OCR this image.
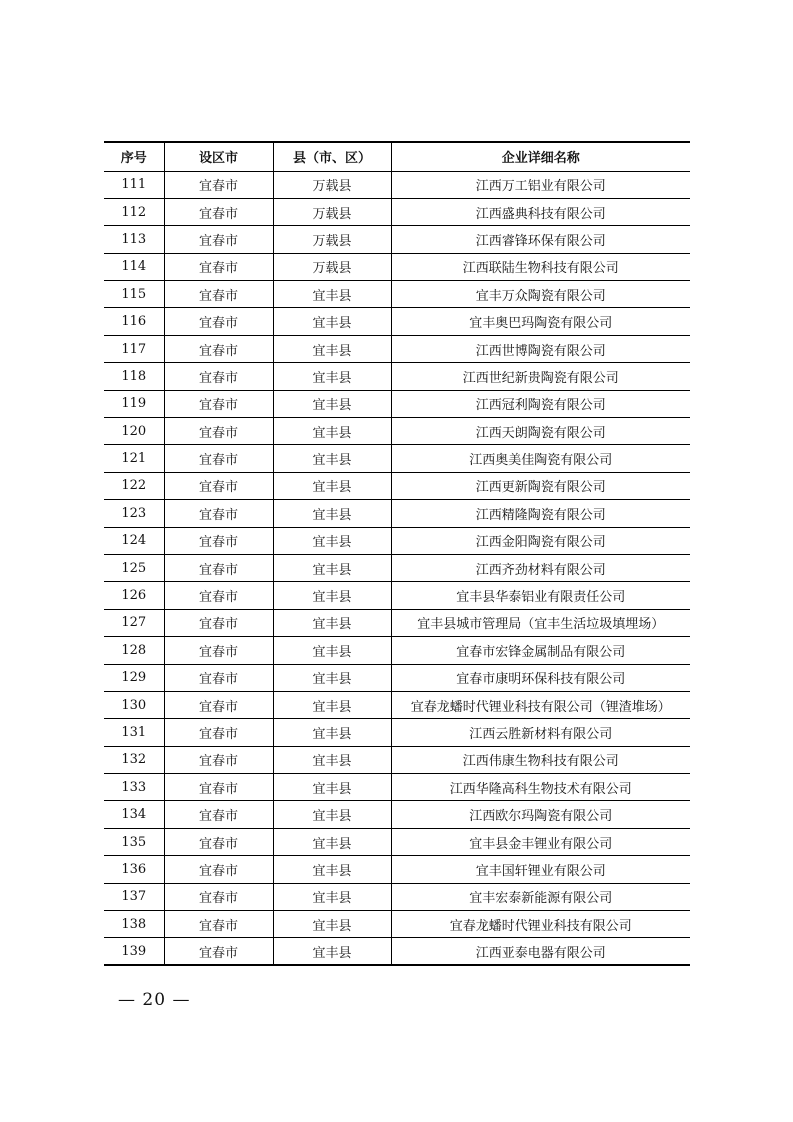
序号	设区市	县（市、区）	企业详细名称
111	宜春市	万载县	江西万工铝业有限公司
112	宜春市	万载县	江西盛典科技有限公司
113	宜春市	万载县	江西睿锋环保有限公司
114	宜春市	万载县	江西联陆生物科技有限公司
115	宜春市	宜丰县	宜丰万众陶瓷有限公司
116	宜春市	宜丰县	宜丰奥巴玛陶瓷有限公司
117	宜春市	宜丰县	江西世博陶瓷有限公司
118	宜春市	宜丰县	江西世纪新贵陶瓷有限公司
119	宜春市	宜丰县	江西冠利陶瓷有限公司
120	宜春市	宜丰县	江西天朗陶瓷有限公司
121	宜春市	宜丰县	江西奥美佳陶瓷有限公司
122	宜春市	宜丰县	江西更新陶瓷有限公司
123	宜春市	宜丰县	江西精隆陶瓷有限公司
124	宜春市	宜丰县	江西金阳陶瓷有限公司
125	宜春市	宜丰县	江西齐劲材料有限公司
126	宜春市	宜丰县	宜丰县华泰铝业有限责任公司
127	宜春市	宜丰县	宜丰县城市管理局（宜丰生活垃圾填埋场）
128	宜春市	宜丰县	宜春市宏锋金属制品有限公司
129	宜春市	宜丰县	宜春市康明环保科技有限公司
130	宜春市	宜丰县	宜春龙蟠时代锂业科技有限公司（锂渣堆场）
131	宜春市	宜丰县	江西云胜新材料有限公司
132	宜春市	宜丰县	江西伟康生物科技有限公司
133	宜春市	宜丰县	江西华隆高科生物技术有限公司
134	宜春市	宜丰县	江西欧尔玛陶瓷有限公司
135	宜春市	宜丰县	宜丰县金丰锂业有限公司
136	宜春市	宜丰县	宜丰国轩锂业有限公司
137	宜春市	宜丰县	宜丰宏泰新能源有限公司
138	宜春市	宜丰县	宜春龙蟠时代锂业科技有限公司
139	宜春市	宜丰县	江西亚泰电器有限公司
— 20 —
